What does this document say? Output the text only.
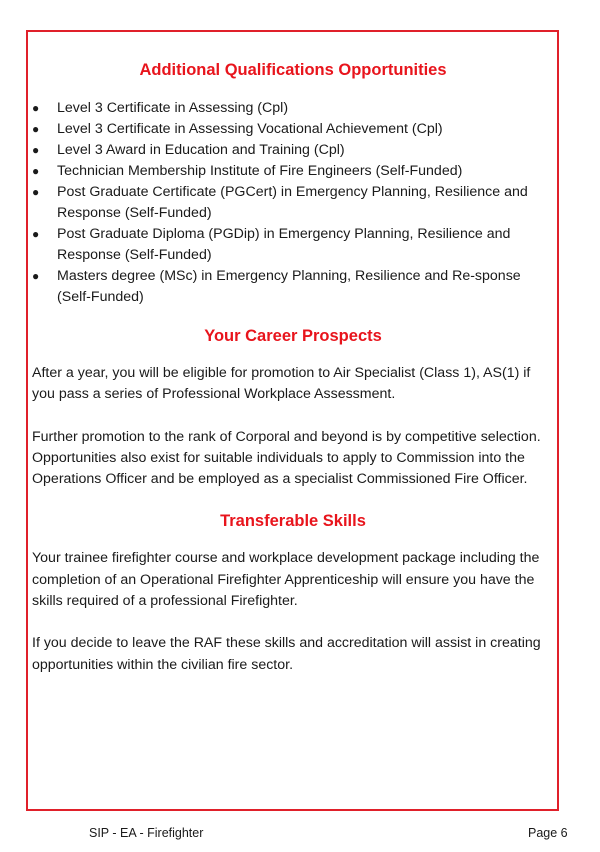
Additional Qualifications Opportunities
● Level 3 Certificate in Assessing (Cpl)
● Level 3 Certificate in Assessing Vocational Achievement (Cpl)
● Level 3 Award in Education and Training (Cpl)
● Technician Membership Institute of Fire Engineers (Self-Funded)
● Post Graduate Certificate (PGCert) in Emergency Planning, Resilience and Response (Self-Funded)
● Post Graduate Diploma (PGDip) in Emergency Planning, Resilience and Response (Self-Funded)
● Masters degree (MSc) in Emergency Planning, Resilience and Re-sponse (Self-Funded)
Your Career Prospects

After a year, you will be eligible for promotion to Air Specialist (Class 1), AS(1) if you pass a series of Professional Workplace Assessment.

Further promotion to the rank of Corporal and beyond is by competitive selection. Opportunities also exist for suitable individuals to apply to Commission into the Operations Officer and be employed as a specialist Commissioned Fire Officer.

Transferable Skills

Your trainee firefighter course and workplace development package including the completion of an Operational Firefighter Apprenticeship will ensure you have the skills required of a professional Firefighter.

If you decide to leave the RAF these skills and accreditation will assist in creating opportunities within the civilian fire sector.

SIP - EA - Firefighter	Page 6
